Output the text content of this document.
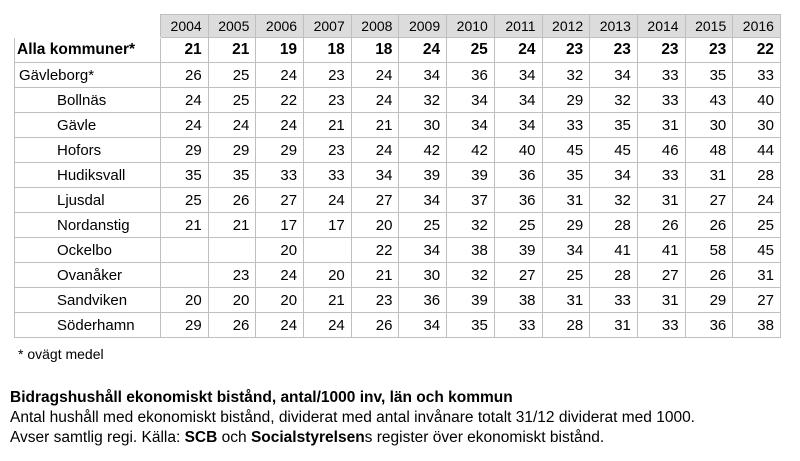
	2004	2005	2006	2007	2008	2009	2010	2011	2012	2013	2014	2015	2016
Alla kommuner*	21	21	19	18	18	24	25	24	23	23	23	23	22
Gävleborg*	26	25	24	23	24	34	36	34	32	34	33	35	33
Bollnäs	24	25	22	23	24	32	34	34	29	32	33	43	40
Gävle	24	24	24	21	21	30	34	34	33	35	31	30	30
Hofors	29	29	29	23	24	42	42	40	45	45	46	48	44
Hudiksvall	35	35	33	33	34	39	39	36	35	34	33	31	28
Ljusdal	25	26	27	24	27	34	37	36	31	32	31	27	24
Nordanstig	21	21	17	17	20	25	32	25	29	28	26	26	25
Ockelbo			20		22	34	38	39	34	41	41	58	45
Ovanåker		23	24	20	21	30	32	27	25	28	27	26	31
Sandviken	20	20	20	21	23	36	39	38	31	33	31	29	27
Söderhamn	29	26	24	24	26	34	35	33	28	31	33	36	38
* ovägt medel
Bidragshushåll ekonomiskt bistånd, antal/1000 inv, län och kommun
Antal hushåll med ekonomiskt bistånd, dividerat med antal invånare totalt 31/12 dividerat med 1000.
Avser samtlig regi. Källa: SCB och Socialstyrelsens register över ekonomiskt bistånd.
